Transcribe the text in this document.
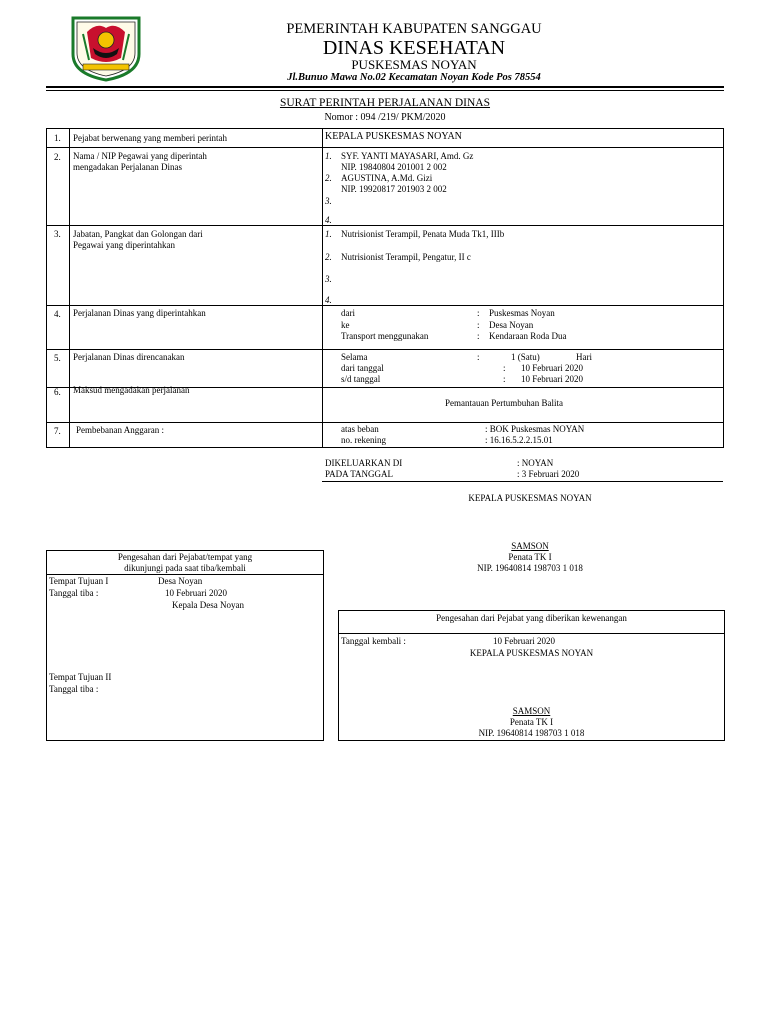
PEMERINTAH KABUPATEN SANGGAU
DINAS KESEHATAN
PUSKESMAS NOYAN
Jl.Bunuo Mawa No.02 Kecamatan Noyan Kode Pos 78554
SURAT PERINTAH PERJALANAN DINAS
Nomor : 094 /219/ PKM/2020
1. Pejabat berwenang yang memberi perintah	KEPALA PUSKESMAS NOYAN
2. Nama / NIP Pegawai yang diperintah
mengadakan Perjalanan Dinas
1. SYF. YANTI MAYASARI, Amd. Gz
NIP. 19840804 201001 2 002
2. AGUSTINA, A.Md. Gizi
NIP. 19920817 201903 2 002
3.
4.
3. Jabatan, Pangkat dan Golongan dari
Pegawai yang diperintahkan
1. Nutrisionist Terampil, Penata Muda Tk1, IIIb
2. Nutrisionist Terampil, Pengatur, II c
3.
4.
4. Perjalanan Dinas yang diperintahkan	dari	: Puskesmas Noyan
ke	: Desa Noyan
Transport menggunakan	: Kendaraan Roda Dua
5. Perjalanan Dinas direncanakan	Selama	:	1 (Satu)	Hari
dari tanggal	: 10 Februari 2020
s/d tanggal	: 10 Februari 2020
6. Maksud mengadakan perjalanan
Pemantauan Pertumbuhan Balita
7. Pembebanan Anggaran :	atas beban	: BOK Puskesmas NOYAN
no. rekening	: 16.16.5.2.2.15.01
DIKELUARKAN DI	: NOYAN
PADA TANGGAL	: 3 Februari 2020
KEPALA PUSKESMAS NOYAN
SAMSON
Penata TK I
NIP. 19640814 198703 1 018
Pengesahan dari Pejabat/tempat yang
dikunjungi pada saat tiba/kembali
Tempat Tujuan I	Desa Noyan
Tanggal tiba :	10 Februari 2020
Kepala Desa Noyan
Tempat Tujuan II
Tanggal tiba :
Pengesahan dari Pejabat yang diberikan kewenangan
Tanggal kembali :	10 Februari 2020
KEPALA PUSKESMAS NOYAN
SAMSON
Penata TK I
NIP. 19640814 198703 1 018
